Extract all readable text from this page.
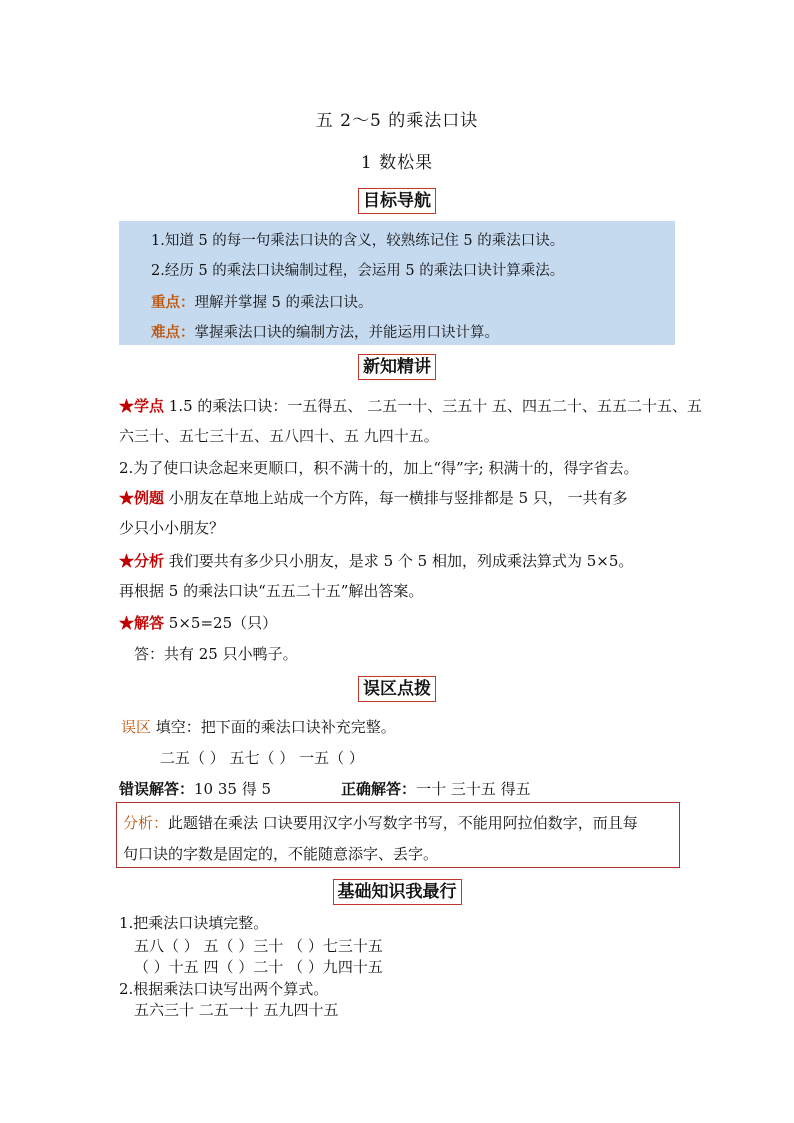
五 2～5 的乘法口诀
1 数松果
目标导航
1.知道 5 的每一句乘法口诀的含义，较熟练记住 5 的乘法口诀。
2.经历 5 的乘法口诀编制过程，会运用 5 的乘法口诀计算乘法。
重点：理解并掌握 5 的乘法口诀。
难点：掌握乘法口诀的编制方法，并能运用口诀计算。
新知精讲
★学点 1.5 的乘法口诀：一五得五、 二五一十、三五十 五、四五二十、五五二十五、五
六三十、五七三十五、五八四十、五 九四十五。
2.为了使口诀念起来更顺口，积不满十的，加上“得”字; 积满十的，得字省去。
★例题 小朋友在草地上站成一个方阵，每一横排与竖排都是 5 只， 一共有多
少只小小朋友？
★分析 我们要共有多少只小朋友，是求 5 个 5 相加，列成乘法算式为 5×5。
再根据 5 的乘法口诀“五五二十五”解出答案。
★解答 5×5=25（只）
答：共有 25 只小鸭子。
误区点拨
误区 填空：把下面的乘法口诀补充完整。
二五（ ） 五七（ ） 一五（ ）
错误解答：10 35 得 5	正确解答：一十 三十五 得五
分析：此题错在乘法 口诀要用汉字小写数字书写，不能用阿拉伯数字，而且每
句口诀的字数是固定的，不能随意添字、丢字。
基础知识我最行
1.把乘法口诀填完整。
五八（ ） 五（ ）三十 （ ）七三十五
（ ）十五 四（ ）二十 （ ）九四十五
2.根据乘法口诀写出两个算式。
五六三十 二五一十 五九四十五
